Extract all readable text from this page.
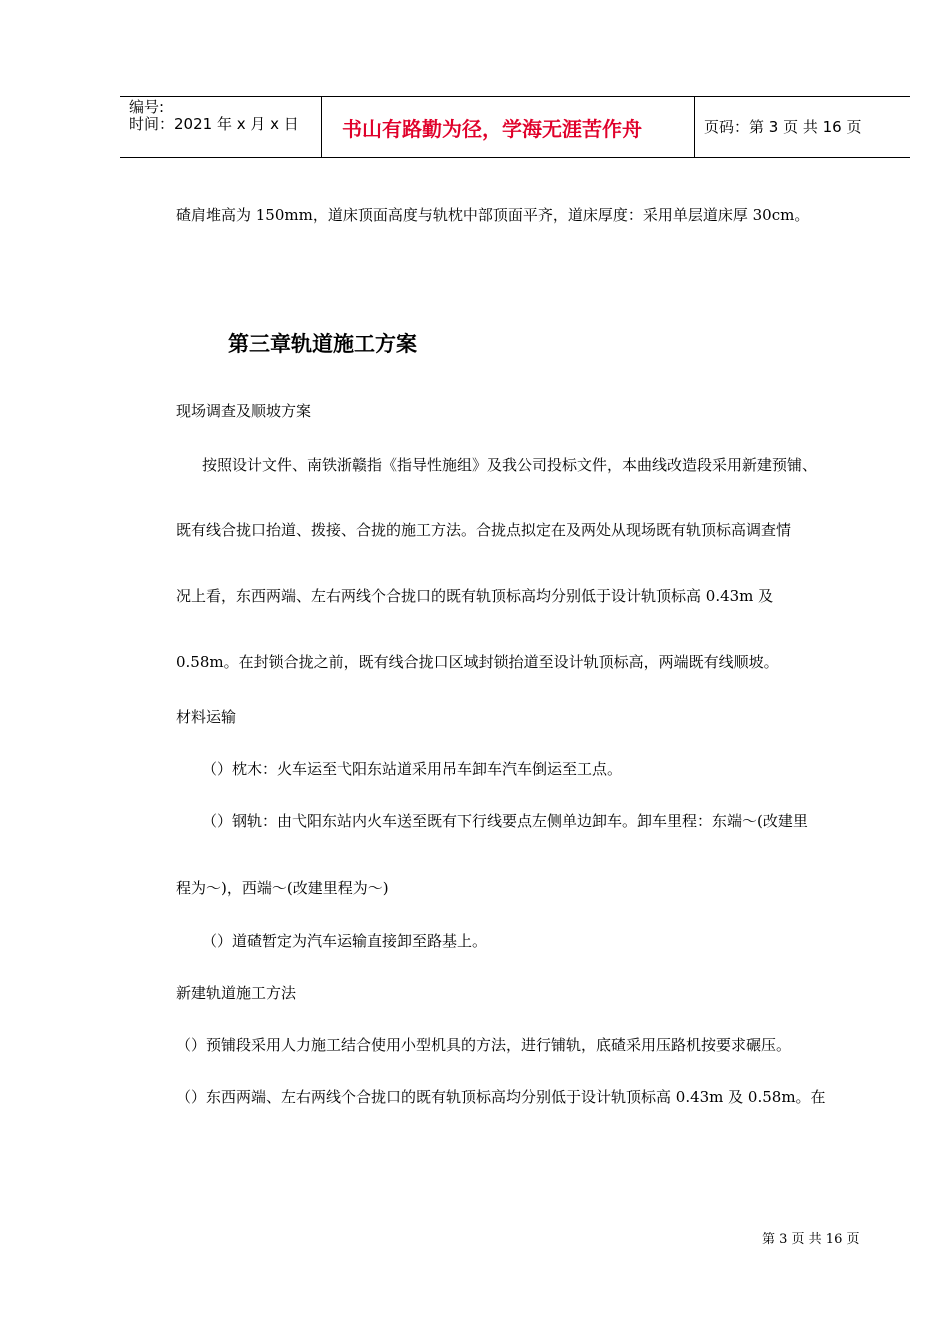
编号:
时间：2021 年 x 月 x 日 书山有路勤为径，学海无涯苦作舟	页码：第 3 页 共 16 页
碴肩堆高为 150mm，道床顶面高度与轨枕中部顶面平齐，道床厚度：采用单层道床厚 30cm。
第三章轨道施工方案
现场调查及顺坡方案
按照设计文件、南铁浙赣指《指导性施组》及我公司投标文件，本曲线改造段采用新建预铺、
既有线合拢口抬道、拨接、合拢的施工方法。合拢点拟定在及两处从现场既有轨顶标高调查情
况上看，东西两端、左右两线个合拢口的既有轨顶标高均分别低于设计轨顶标高 0.43m 及
0.58m。在封锁合拢之前，既有线合拢口区域封锁抬道至设计轨顶标高，两端既有线顺坡。
材料运输
（）枕木：火车运至弋阳东站道采用吊车卸车汽车倒运至工点。
（）钢轨：由弋阳东站内火车送至既有下行线要点左侧单边卸车。卸车里程：东端～(改建里
程为～)，西端～(改建里程为～)
（）道碴暂定为汽车运输直接卸至路基上。
新建轨道施工方法
（）预铺段采用人力施工结合使用小型机具的方法，进行铺轨，底碴采用压路机按要求碾压。
（）东西两端、左右两线个合拢口的既有轨顶标高均分别低于设计轨顶标高 0.43m 及 0.58m。在
第 3 页 共 16 页
